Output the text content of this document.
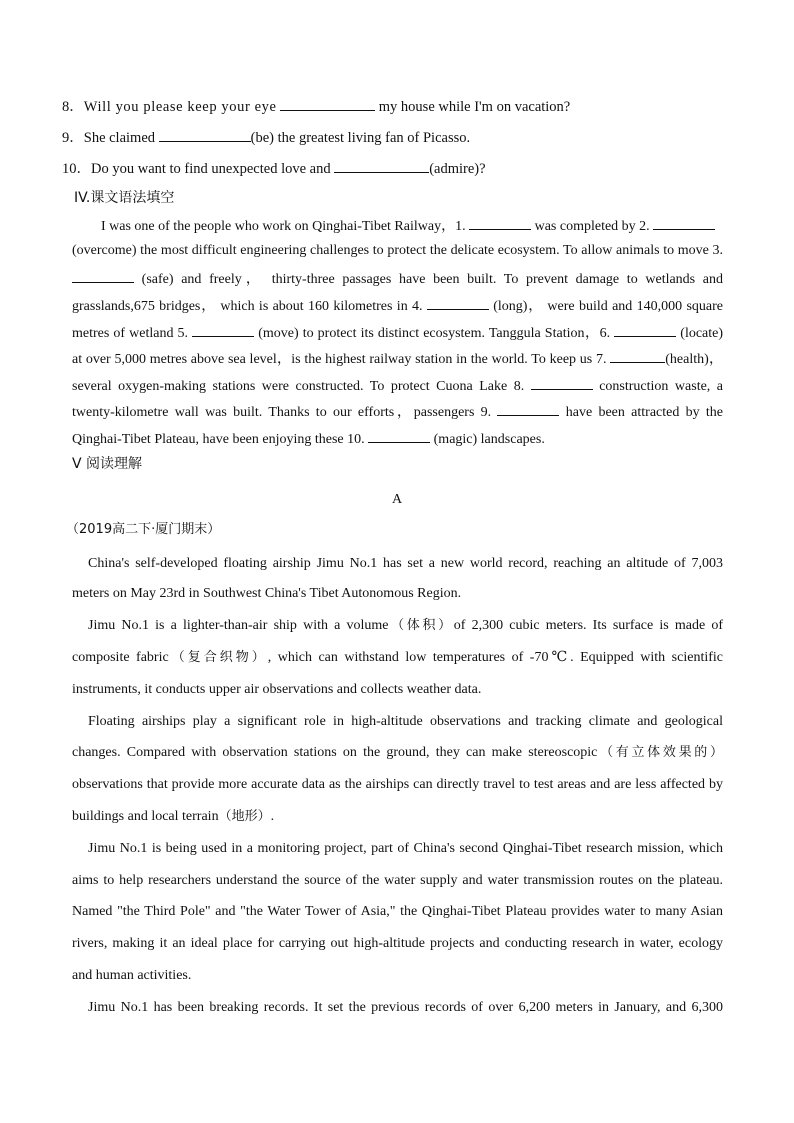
8．Will you please keep your eye	my house while I'm on vacation?
9．She claimed	(be) the greatest living fan of Picasso.
10．Do you want to find unexpected love and	(admire)?
IV.课文语法填空
I was one of the people who work on Qinghai-Tibet Railway，1.	was completed by 2.
(overcome) the most difficult engineering challenges to protect the delicate ecosystem. To allow animals to move 3.
(safe) and freely， thirty-three passages have been built. To prevent damage to wetlands and
grasslands,675 bridges， which is about 160 kilometres in 4.	(long)， were build and 140,000 square
metres of wetland 5.	(move) to protect its distinct ecosystem. Tanggula Station，6.	(locate)
at over 5,000 metres above sea level，is the highest railway station in the world. To keep us 7.	(health)，
several oxygen-making stations were constructed. To protect Cuona Lake 8.	construction waste, a
twenty-kilometre wall was built. Thanks to our efforts，passengers 9.	have been attracted by the
Qinghai-Tibet Plateau, have been enjoying these 10.	(magic) landscapes.
V 阅读理解
A
（2019高二下·厦门期末）
China's self-developed floating airship Jimu No.1 has set a new world record, reaching an altitude of 7,003
meters on May 23rd in Southwest China's Tibet Autonomous Region.
Jimu No.1 is a lighter-than-air ship with a volume（体积）of 2,300 cubic meters. Its surface is made of
composite fabric（复合织物）, which can withstand low temperatures of -70℃. Equipped with scientific
instruments, it conducts upper air observations and collects weather data.
Floating airships play a significant role in high-altitude observations and tracking climate and geological
changes. Compared with observation stations on the ground, they can make stereoscopic（有立体效果的）
observations that provide more accurate data as the airships can directly travel to test areas and are less affected by
buildings and local terrain（地形）.
Jimu No.1 is being used in a monitoring project, part of China's second Qinghai-Tibet research mission, which
aims to help researchers understand the source of the water supply and water transmission routes on the plateau.
Named "the Third Pole" and "the Water Tower of Asia," the Qinghai-Tibet Plateau provides water to many Asian
rivers, making it an ideal place for carrying out high-altitude projects and conducting research in water, ecology
and human activities.
Jimu No.1 has been breaking records. It set the previous records of over 6,200 meters in January, and 6,300
